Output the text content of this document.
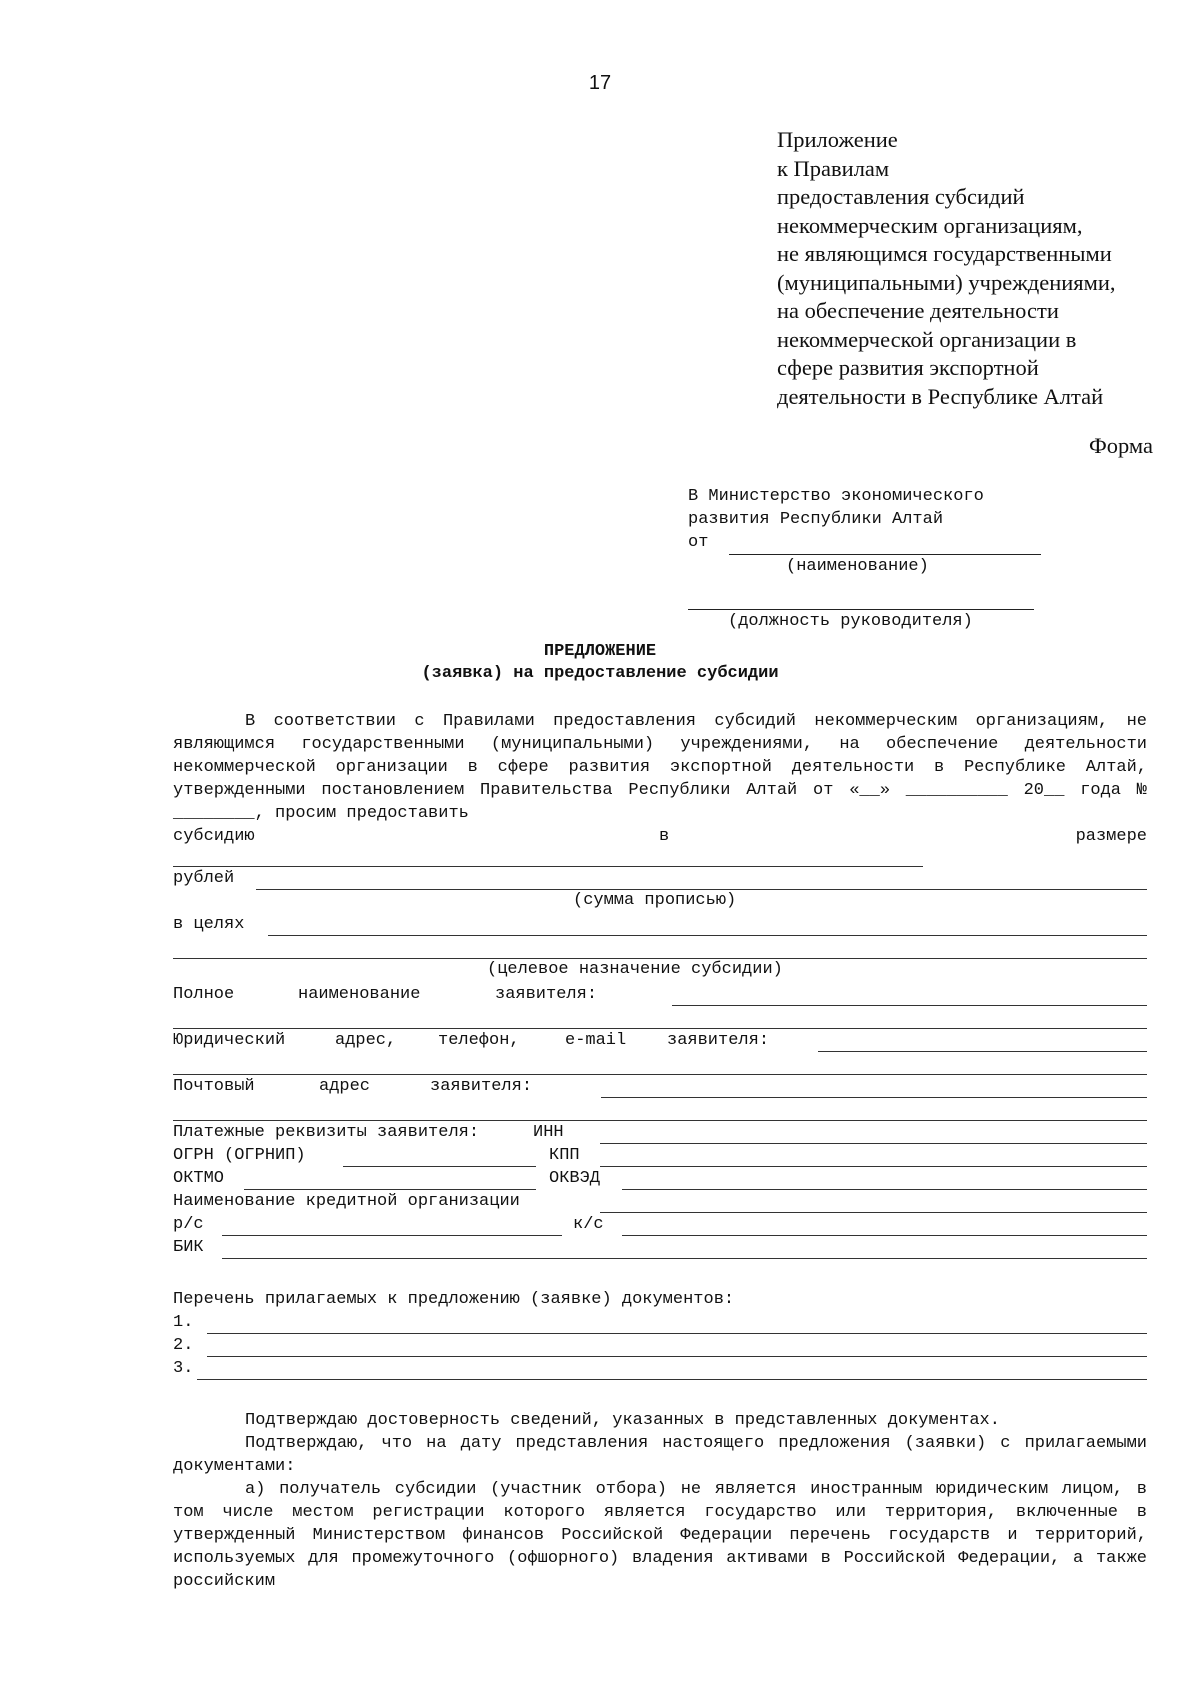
17
Приложение
к Правилам
предоставления субсидий
некоммерческим организациям,
не являющимся государственными
(муниципальными) учреждениями,
на обеспечение деятельности
некоммерческой организации в
сфере развития экспортной
деятельности в Республике Алтай
Форма
В Министерство экономического
развития Республики Алтай
от
(наименование)

(должность руководителя)
ПРЕДЛОЖЕНИЕ
(заявка) на предоставление субсидии
В соответствии с Правилами предоставления субсидий некоммерческим организациям, не являющимся государственными (муниципальными) учреждениями, на обеспечение деятельности некоммерческой организации в сфере развития экспортной деятельности в Республике Алтай, утвержденными постановлением Правительства Республики Алтай от «__» __________ 20__ года № ________, просим предоставить
субсидию	в	размере
рублей
(сумма прописью)
в целях
(целевое назначение субсидии)
Полное	наименование	заявителя:
Юридический	адрес, телефон,	e-mail заявителя:
Почтовый	адрес	заявителя:
Платежные реквизиты заявителя:	ИНН
ОГРН (ОГРНИП)	КПП
ОКТМО	ОКВЭД
Наименование кредитной организации
р/с	к/с
БИК
Перечень прилагаемых к предложению (заявке) документов:
1.
2.
3.
Подтверждаю достоверность сведений, указанных в представленных документах.
Подтверждаю, что на дату представления настоящего предложения (заявки) с прилагаемыми документами:
а) получатель субсидии (участник отбора) не является иностранным юридическим лицом, в том числе местом регистрации которого является государство или территория, включенные в утвержденный Министерством финансов Российской Федерации перечень государств и территорий, используемых для промежуточного (офшорного) владения активами в Российской Федерации, а также российским
